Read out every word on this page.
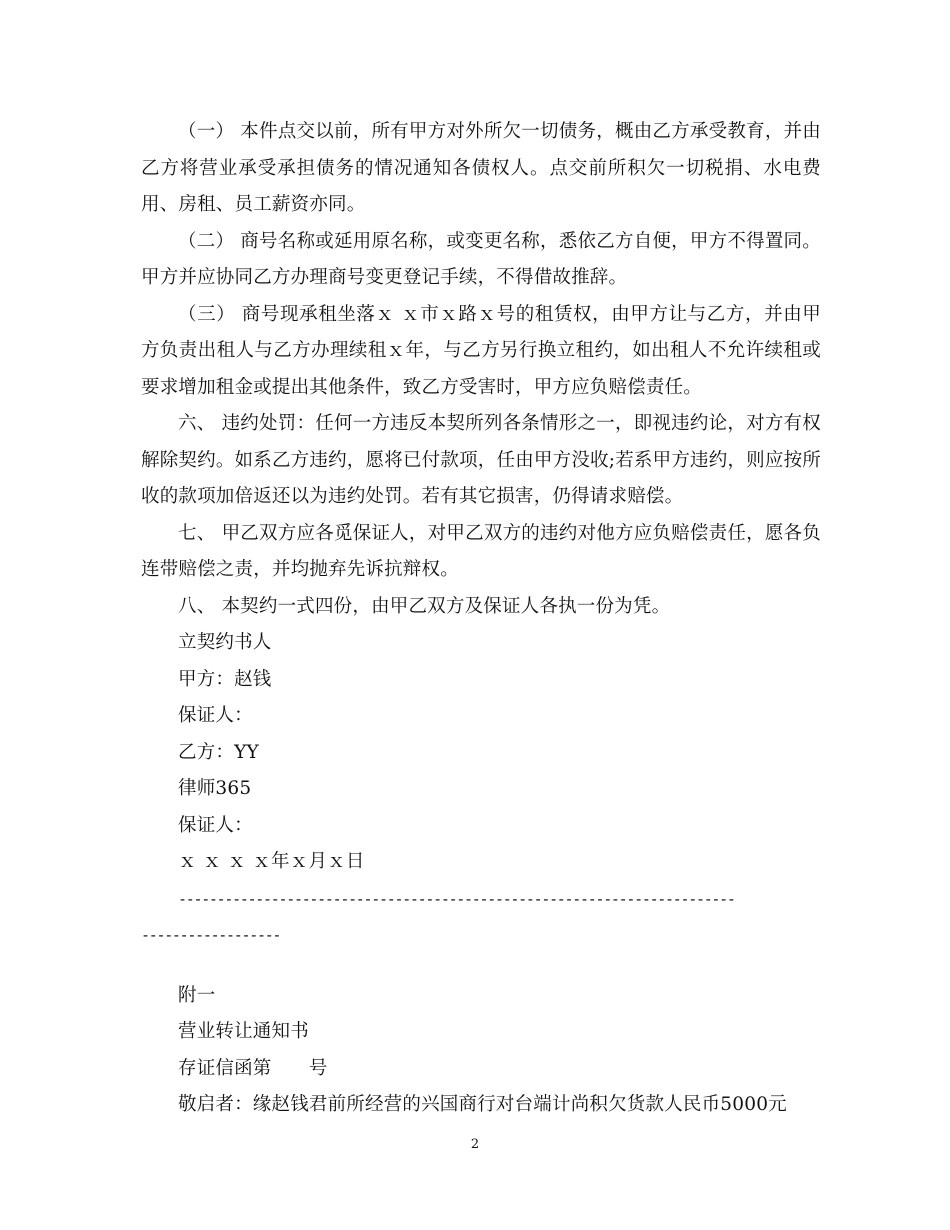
（一） 本件点交以前，所有甲方对外所欠一切债务，概由乙方承受教育，并由乙方将营业承受承担债务的情况通知各债权人。点交前所积欠一切税捐、水电费用、房租、员工薪资亦同。

（二） 商号名称或延用原名称，或变更名称，悉依乙方自便，甲方不得置同。甲方并应协同乙方办理商号变更登记手续，不得借故推辞。

（三） 商号现承租坐落ｘ ｘ市ｘ路ｘ号的租赁权，由甲方让与乙方，并由甲方负责出租人与乙方办理续租ｘ年，与乙方另行换立租约，如出租人不允许续租或要求增加租金或提出其他条件，致乙方受害时，甲方应负赔偿责任。

六、 违约处罚：任何一方违反本契所列各条情形之一，即视违约论，对方有权解除契约。如系乙方违约，愿将已付款项，任由甲方没收;若系甲方违约，则应按所收的款项加倍返还以为违约处罚。若有其它损害，仍得请求赔偿。

七、 甲乙双方应各觅保证人，对甲乙双方的违约对他方应负赔偿责任，愿各负连带赔偿之责，并均抛弃先诉抗辩权。

八、 本契约一式四份，由甲乙双方及保证人各执一份为凭。

立契约书人

甲方：赵钱

保证人：

乙方：YY

律师365

保证人：

ｘ ｘ ｘ ｘ年ｘ月ｘ日

------------------------------------------------------------------------

------------------

附一

营业转让通知书

存证信函第　　号

敬启者：缘赵钱君前所经营的兴国商行对台端计尚积欠货款人民币5000元

2
